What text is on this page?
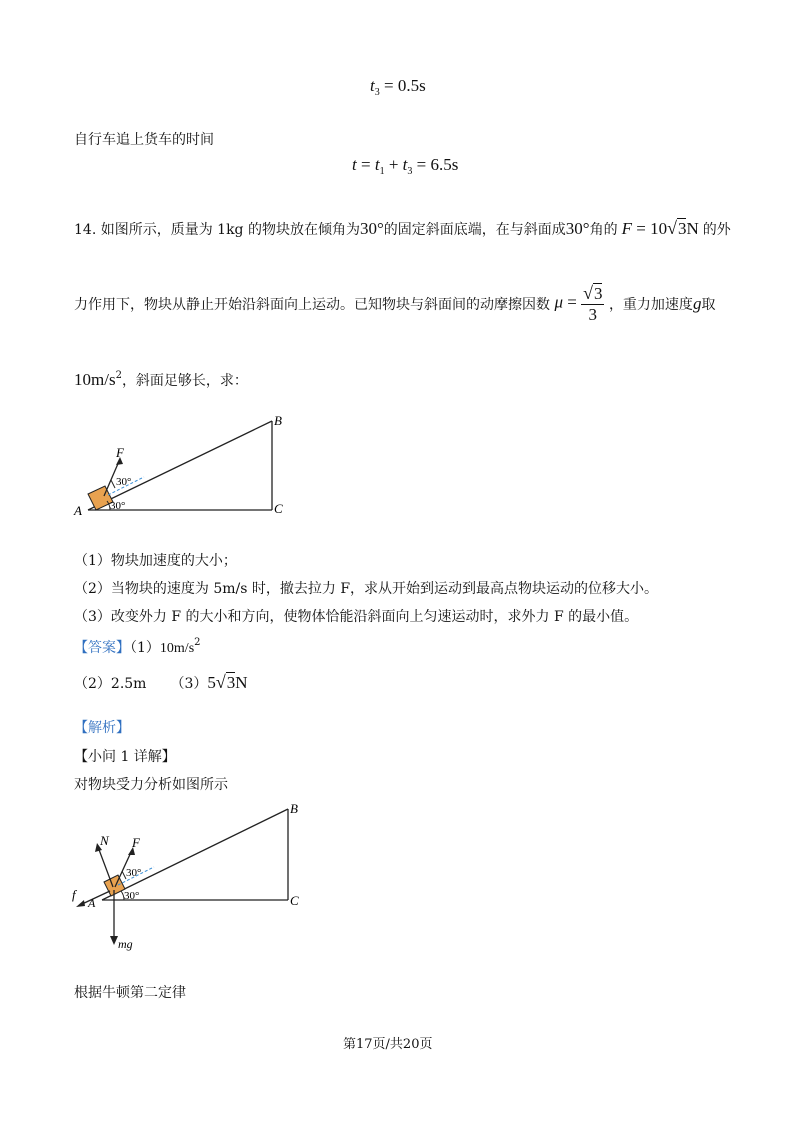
$t_3 = 0.5s$
自行车追上货车的时间
$t = t_1 + t_3 = 6.5s$
14. 如图所示，质量为 1kg 的物块放在倾角为30°的固定斜面底端，在与斜面成30°角的 F = 10√3N 的外
力作用下，物块从静止开始沿斜面向上运动。已知物块与斜面间的动摩擦因数 $\mu = \frac{√3}{3}$ ，重力加速度g取
$10m/s^2$，斜面足够长，求：
A
B
C
F
30°
30°
（1）物块加速度的大小；
（2）当物块的速度为 5m/s 时，撤去拉力 F，求从开始到运动到最高点物块运动的位移大小。
（3）改变外力 F 的大小和方向，使物体恰能沿斜面向上匀速运动时，求外力 F 的最小值。
【答案】$(1)10m/s^2$
（2）2.5m （3）5√3N
【解析】
【小问 1 详解】
对物块受力分析如图所示
A
B
C
F
N
f
mg
30°
30°
根据牛顿第二定律
第17页/共20页
